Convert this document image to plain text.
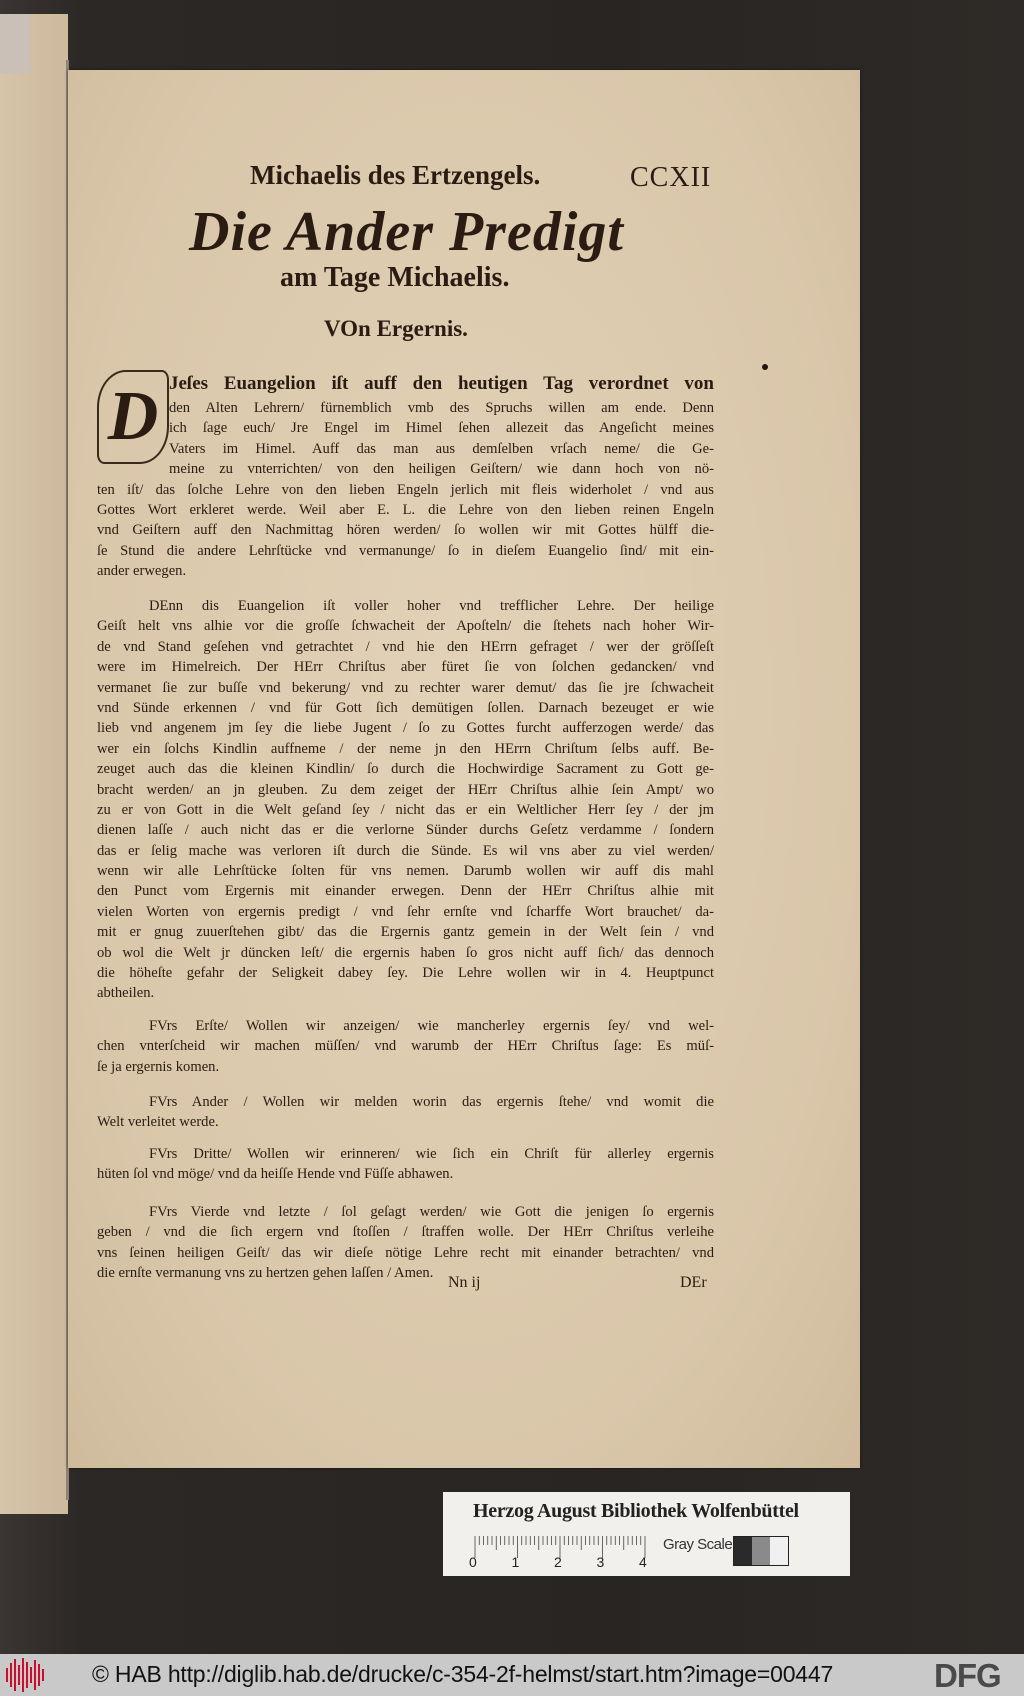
Michaelis des Ertzengels.	CCXII
Die Ander Predigt
am Tage Michaelis.
VOn Ergernis.
D Jeſes Euangelion iſt auff den heutigen Tag verordnet von
den Alten Lehrern/ fürnemblich vmb des Spruchs willen am ende. Denn
ich ſage euch/ Jre Engel im Himel ſehen allezeit das Angeſicht meines
Vaters im Himel. Auff das man aus demſelben vrſach neme/ die Ge-
meine zu vnterrichten/ von den heiligen Geiſtern/ wie dann hoch von nö-
ten iſt/ das ſolche Lehre von den lieben Engeln jerlich mit fleis widerholet / vnd aus
Gottes Wort erkleret werde. Weil aber E. L. die Lehre von den lieben reinen Engeln
vnd Geiſtern auff den Nachmittag hören werden/ ſo wollen wir mit Gottes hülff die-
ſe Stund die andere Lehrſtücke vnd vermanunge/ ſo in dieſem Euangelio ſind/ mit ein-
ander erwegen.
DEnn dis Euangelion iſt voller hoher vnd trefflicher Lehre. Der heilige
Geiſt helt vns alhie vor die groſſe ſchwacheit der Apoſteln/ die ſtehets nach hoher Wir-
de vnd Stand geſehen vnd getrachtet / vnd hie den HErrn gefraget / wer der gröſſeſt
were im Himelreich. Der HErr Chriſtus aber füret ſie von ſolchen gedancken/ vnd
vermanet ſie zur buſſe vnd bekerung/ vnd zu rechter warer demut/ das ſie jre ſchwacheit
vnd Sünde erkennen / vnd für Gott ſich demütigen ſollen. Darnach bezeuget er wie
lieb vnd angenem jm ſey die liebe Jugent / ſo zu Gottes furcht aufferzogen werde/ das
wer ein ſolchs Kindlin auffneme / der neme jn den HErrn Chriſtum ſelbs auff. Be-
zeuget auch das die kleinen Kindlin/ ſo durch die Hochwirdige Sacrament zu Gott ge-
bracht werden/ an jn gleuben. Zu dem zeiget der HErr Chriſtus alhie ſein Ampt/ wo
zu er von Gott in die Welt geſand ſey / nicht das er ein Weltlicher Herr ſey / der jm
dienen laſſe / auch nicht das er die verlorne Sünder durchs Geſetz verdamme / ſondern
das er ſelig mache was verloren iſt durch die Sünde. Es wil vns aber zu viel werden/
wenn wir alle Lehrſtücke ſolten für vns nemen. Darumb wollen wir auff dis mahl
den Punct vom Ergernis mit einander erwegen. Denn der HErr Chriſtus alhie mit
vielen Worten von ergernis predigt / vnd ſehr ernſte vnd ſcharffe Wort brauchet/ da-
mit er gnug zuuerſtehen gibt/ das die Ergernis gantz gemein in der Welt ſein / vnd
ob wol die Welt jr düncken leſt/ die ergernis haben ſo gros nicht auff ſich/ das dennoch
die höheſte gefahr der Seligkeit dabey ſey. Die Lehre wollen wir in 4. Heuptpunct
abtheilen.
FVrs Erſte/ Wollen wir anzeigen/ wie mancherley ergernis ſey/ vnd wel-
chen vnterſcheid wir machen müſſen/ vnd warumb der HErr Chriſtus ſage: Es müſ-
ſe ja ergernis komen.
FVrs Ander / Wollen wir melden worin das ergernis ſtehe/ vnd womit die
Welt verleitet werde.
FVrs Dritte/ Wollen wir erinneren/ wie ſich ein Chriſt für allerley ergernis
hüten ſol vnd möge/ vnd da heiſſe Hende vnd Füſſe abhawen.
FVrs Vierde vnd letzte / ſol geſagt werden/ wie Gott die jenigen ſo ergernis
geben / vnd die ſich ergern vnd ſtoſſen / ſtraffen wolle. Der HErr Chriſtus verleihe
vns ſeinen heiligen Geiſt/ das wir dieſe nötige Lehre recht mit einander betrachten/ vnd
die ernſte vermanung vns zu hertzen gehen laſſen / Amen.
Nn ij	DEr
Herzog August Bibliothek Wolfenbüttel
0 1 2 3 4
Gray Scale
© HAB http://diglib.hab.de/drucke/c-354-2f-helmst/start.htm?image=00447	DFG
